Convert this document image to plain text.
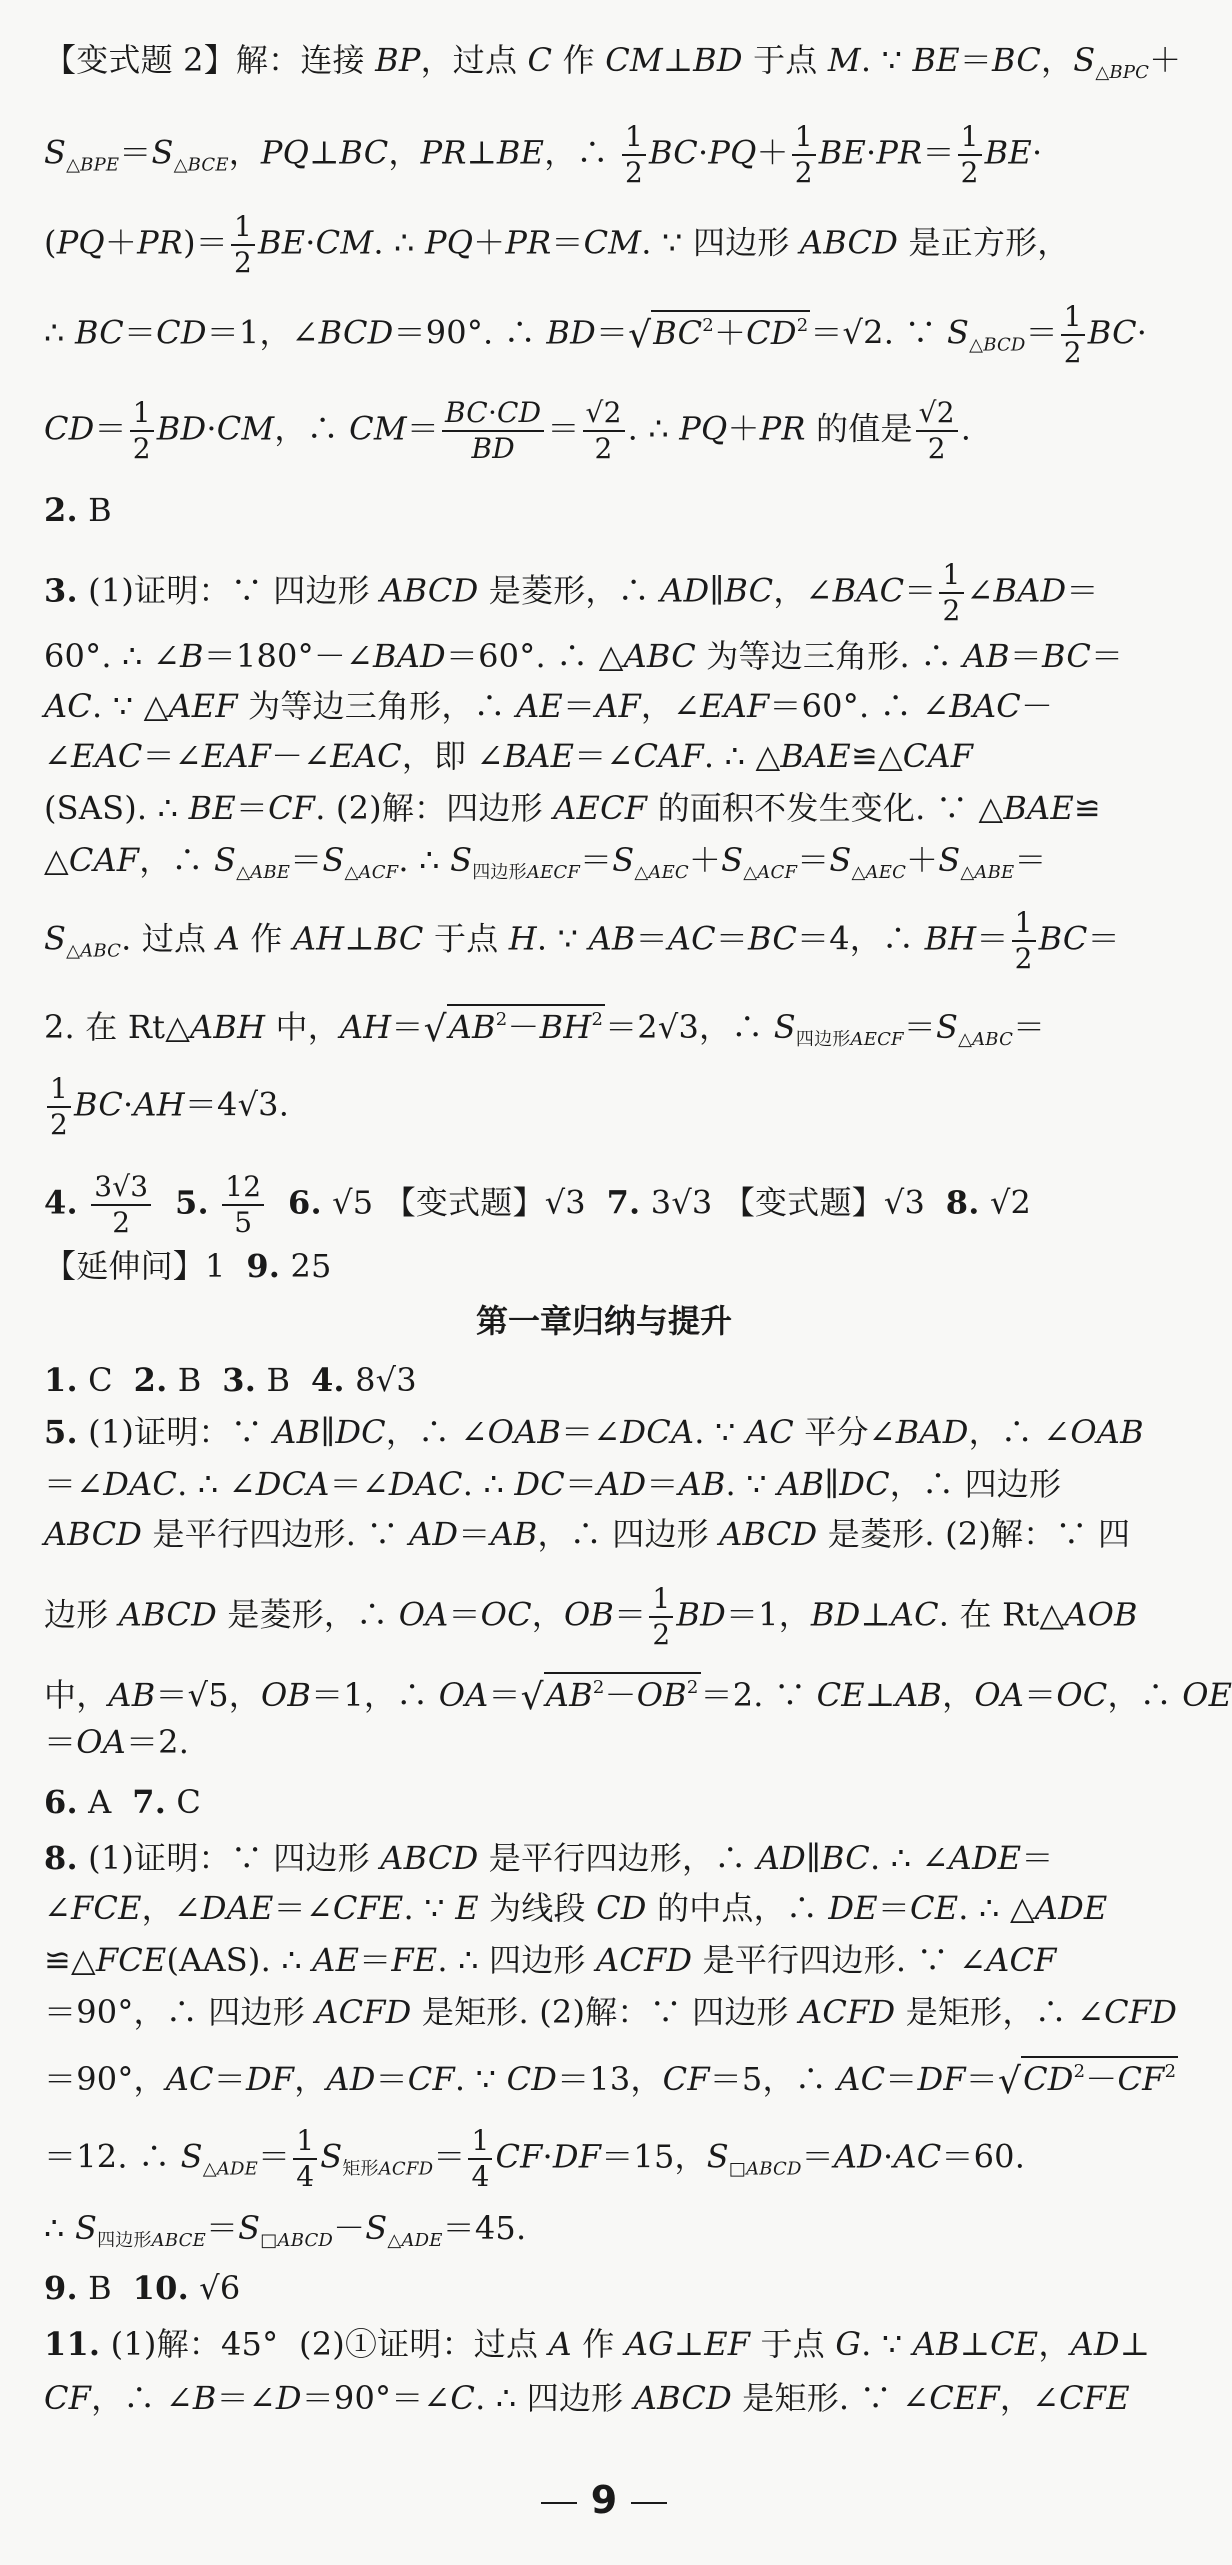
【变式题 2】解：连接 BP，过点 C 作 CM⊥BD 于点 M. ∵ BE＝BC，$S_{\triangle BPC}+$
$S_{\triangle BPE}=S_{\triangle BCE}$，PQ⊥BC，PR⊥BE，∴ $\frac{1}{2} BC\cdot PQ+ \frac{1}{2} BE\cdot PR= \frac{1}{2} BE\cdot$
$(PQ+PR)= \frac{1}{2} BE\cdot CM$. ∴ PQ＋PR＝CM. ∵ 四边形 ABCD 是正方形，
∴ BC＝CD＝1，∠BCD＝90°. ∴ $BD=√BC^2+CD^2=√2$. ∵ $S_{\triangle BCD}= \frac{1}{2} BC\cdot$
$CD= \frac{1}{2} BD\cdot CM$，∴ $CM= \frac{BC\cdot CD}{BD} = \frac{√2}{2}$ . ∴ PQ＋PR 的值是 $\frac{√2}{2}$ .
2. B
3. (1)证明：∵ 四边形 ABCD 是菱形，∴ AD∥BC，∠BAC＝ $\frac{1}{2}$ ∠BAD＝
60°. ∴ ∠B＝180°－∠BAD＝60°. ∴ △ABC 为等边三角形. ∴ AB＝BC＝
AC. ∵ △AEF 为等边三角形，∴ AE＝AF，∠EAF＝60°. ∴ ∠BAC－
∠EAC＝∠EAF－∠EAC，即 ∠BAE＝∠CAF. ∴ △BAE≌△CAF
(SAS). ∴ BE＝CF. (2)解：四边形 AECF 的面积不发生变化. ∵ △BAE≌
△CAF，∴ $S_{\triangle ABE}=S_{\triangle ACF}$. ∴ $S_{四边形AECF}=S_{\triangle AEC}+S_{\triangle ACF}=S_{\triangle AEC}+S_{\triangle ABE}=$
$S_{\triangle ABC}$. 过点 A 作 AH⊥BC 于点 H. ∵ AB＝AC＝BC＝4，∴ $BH= \frac{1}{2} BC=$
2. 在 Rt△ABH 中，$AH=√AB^2-BH^2=2√3$，∴ $S_{四边形AECF}=S_{\triangle ABC}=$
$\frac{1}{2} BC\cdot AH=4√3$.
4. $\frac{3√3}{2} 5$. $\frac{12}{5} 6$. √5 【变式题】√3  7. 3√3 【变式题】√3  8. √2
【延伸问】1  9. 25
第一章归纳与提升
1. C  2. B  3. B  4. 8√3
5. (1)证明：∵ AB∥DC，∴ ∠OAB＝∠DCA. ∵ AC 平分∠BAD，∴ ∠OAB
＝∠DAC. ∴ ∠DCA＝∠DAC. ∴ DC＝AD＝AB. ∵ AB∥DC，∴ 四边形
ABCD 是平行四边形. ∵ AD＝AB，∴ 四边形 ABCD 是菱形. (2)解：∵ 四
边形 ABCD 是菱形，∴ OA＝OC，$OB= \frac{1}{2} BD=1$，BD⊥AC. 在 Rt△AOB
中，AB＝√5，OB＝1，∴ $OA=√AB^2-OB^2=2$. ∵ CE⊥AB，OA＝OC，∴ OE
＝OA＝2.
6. A  7. C
8. (1)证明：∵ 四边形 ABCD 是平行四边形，∴ AD∥BC. ∴ ∠ADE＝
∠FCE，∠DAE＝∠CFE. ∵ E 为线段 CD 的中点，∴ DE＝CE. ∴ △ADE
≌△FCE(AAS). ∴ AE＝FE. ∴ 四边形 ACFD 是平行四边形. ∵ ∠ACF
＝90°，∴ 四边形 ACFD 是矩形. (2)解：∵ 四边形 ACFD 是矩形，∴ ∠CFD
＝90°，AC＝DF，AD＝CF. ∵ CD＝13，CF＝5，∴ $AC=DF=√CD^2-CF^2$
＝12. ∴ $S_{\triangle ADE}= \frac{1}{4} S_{矩形ACFD}= \frac{1}{4} CF\cdot DF=15$，$S_{□ABCD}=AD\cdot AC=60$.
∴ $S_{四边形ABCE}=S_{□ABCD}-S_{\triangle ADE}=45$.
9. B  10. √6
11. (1)解：45°  (2)①证明：过点 A 作 AG⊥EF 于点 G. ∵ AB⊥CE，AD⊥
CF，∴ ∠B＝∠D＝90°＝∠C. ∴ 四边形 ABCD 是矩形. ∵ ∠CEF，∠CFE
9
